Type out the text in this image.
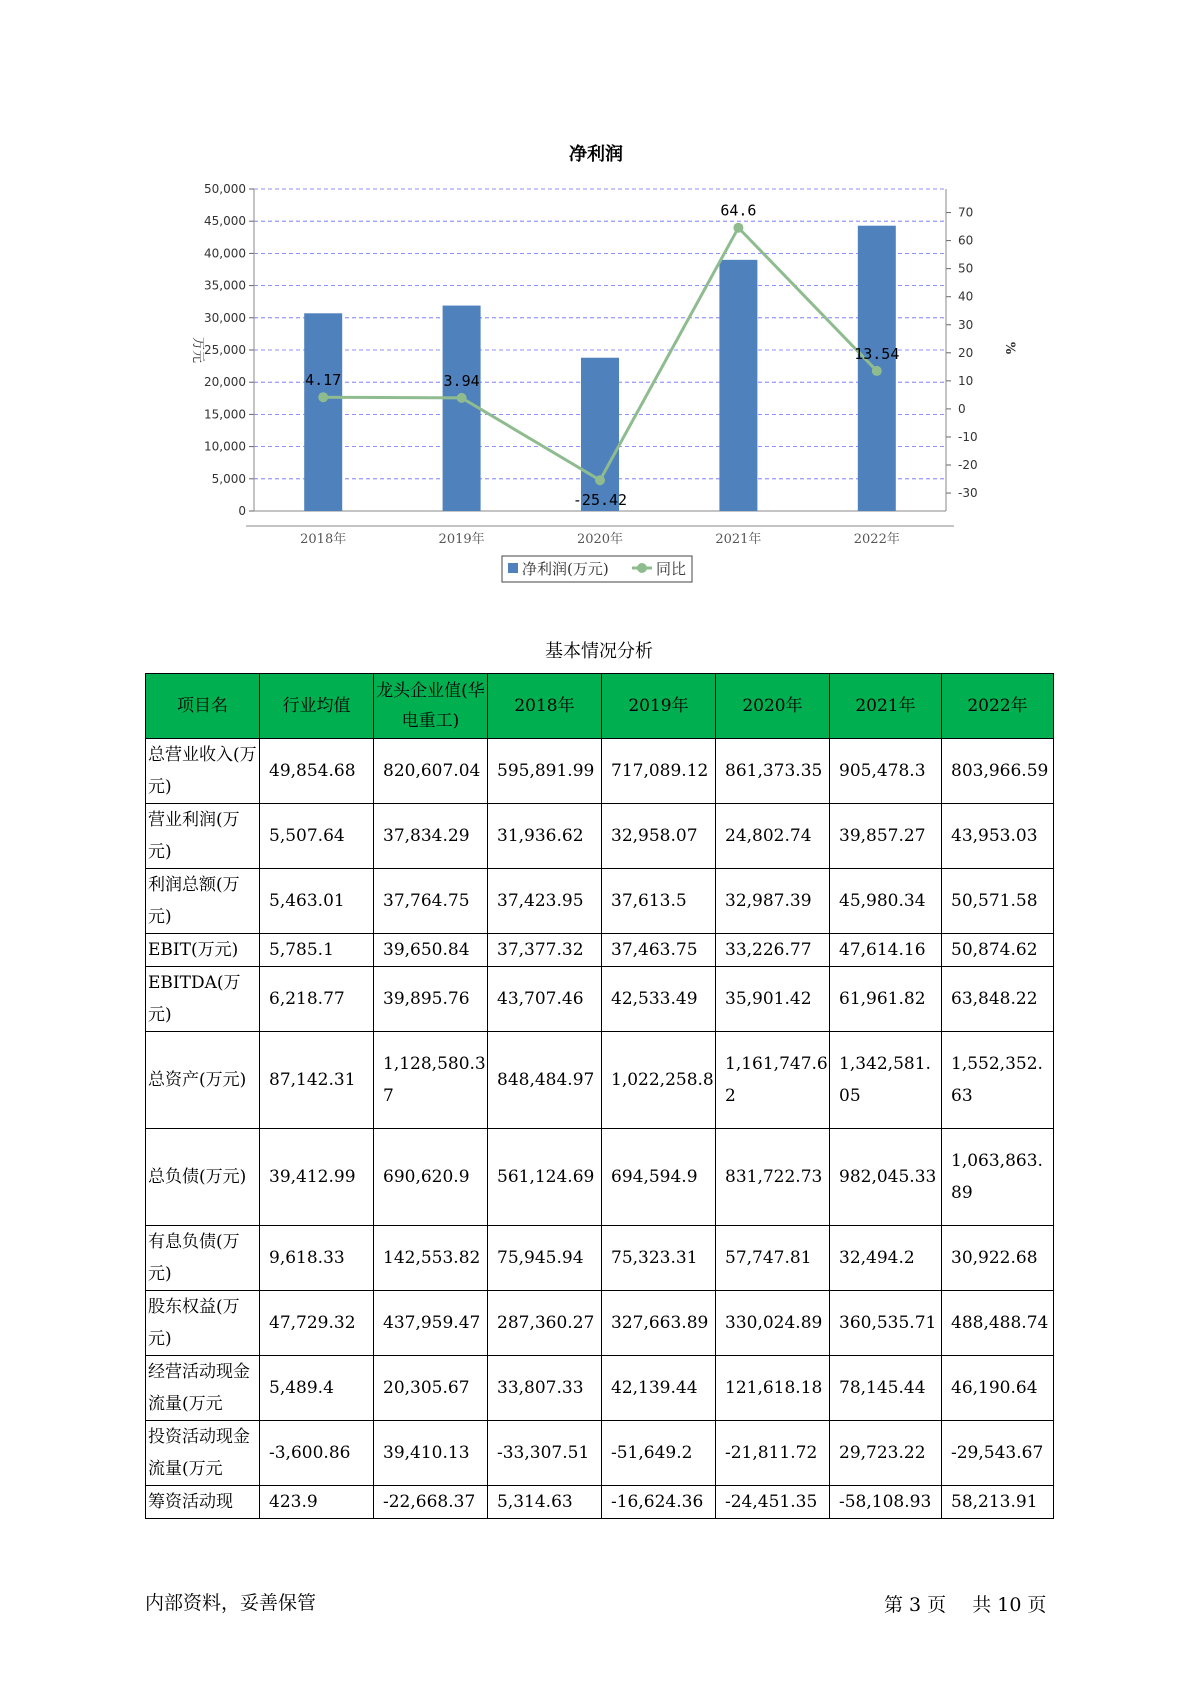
净利润
0
5,000
10,000
15,000
20,000
25,000
30,000
35,000
40,000
45,000
50,000
-30
-20
-10
0
10
20
30
40
50
60
70
万元	%
2018年	2019年	2020年	2021年	2022年
4.17	3.94
-25.42
64.6
13.54
净利润(万元)	同比
基本情况分析
项目名	行业均值	龙头企业值(华电重工)	2018年	2019年	2020年	2021年	2022年
总营业收入(万元)	49,854.68	820,607.04	595,891.99	717,089.12	861,373.35	905,478.3	803,966.59
营业利润(万元)	5,507.64	37,834.29	31,936.62	32,958.07	24,802.74	39,857.27	43,953.03
利润总额(万元)	5,463.01	37,764.75	37,423.95	37,613.5	32,987.39	45,980.34	50,571.58
EBIT(万元)	5,785.1	39,650.84	37,377.32	37,463.75	33,226.77	47,614.16	50,874.62
EBITDA(万元)	6,218.77	39,895.76	43,707.46	42,533.49	35,901.42	61,961.82	63,848.22
总资产(万元)	87,142.31	1,128,580.37	848,484.97	1,022,258.8	1,161,747.62	1,342,581.05	1,552,352.63
总负债(万元)	39,412.99	690,620.9	561,124.69	694,594.9	831,722.73	982,045.33	1,063,863.89
有息负债(万元)	9,618.33	142,553.82	75,945.94	75,323.31	57,747.81	32,494.2	30,922.68
股东权益(万元)	47,729.32	437,959.47	287,360.27	327,663.89	330,024.89	360,535.71	488,488.74
经营活动现金流量(万元	5,489.4	20,305.67	33,807.33	42,139.44	121,618.18	78,145.44	46,190.64
投资活动现金流量(万元	-3,600.86	39,410.13	-33,307.51	-51,649.2	-21,811.72	29,723.22	-29,543.67
筹资活动现	423.9	-22,668.37	5,314.63	-16,624.36	-24,451.35	-58,108.93	58,213.91
内部资料，妥善保管	第 3 页 共 10 页
